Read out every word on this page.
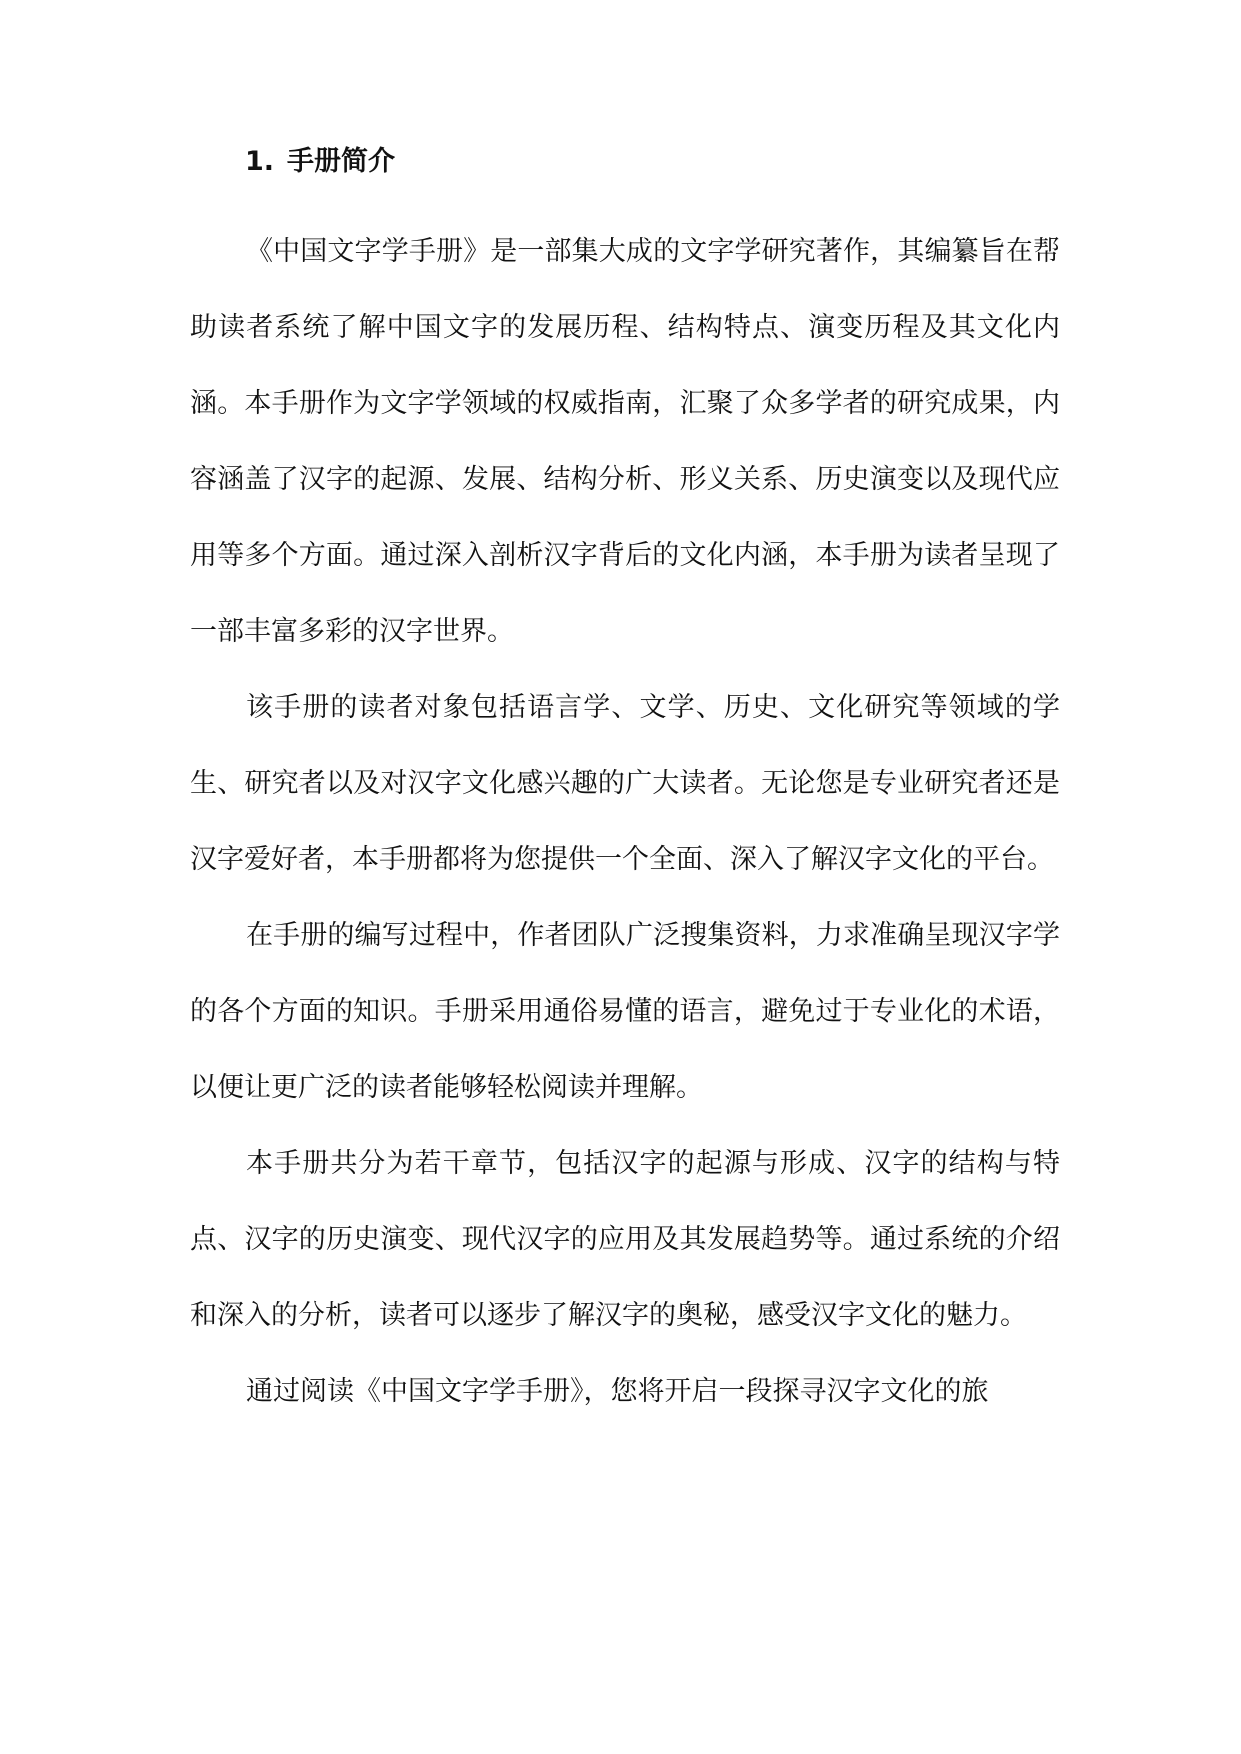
1. 手册简介

《中国文字学手册》是一部集大成的文字学研究著作，其编纂旨在帮助读者系统了解中国文字的发展历程、结构特点、演变历程及其文化内涵。本手册作为文字学领域的权威指南，汇聚了众多学者的研究成果，内容涵盖了汉字的起源、发展、结构分析、形义关系、历史演变以及现代应用等多个方面。通过深入剖析汉字背后的文化内涵，本手册为读者呈现了一部丰富多彩的汉字世界。

该手册的读者对象包括语言学、文学、历史、文化研究等领域的学生、研究者以及对汉字文化感兴趣的广大读者。无论您是专业研究者还是汉字爱好者，本手册都将为您提供一个全面、深入了解汉字文化的平台。

在手册的编写过程中，作者团队广泛搜集资料，力求准确呈现汉字学的各个方面的知识。手册采用通俗易懂的语言，避免过于专业化的术语，以便让更广泛的读者能够轻松阅读并理解。

本手册共分为若干章节，包括汉字的起源与形成、汉字的结构与特点、汉字的历史演变、现代汉字的应用及其发展趋势等。通过系统的介绍和深入的分析，读者可以逐步了解汉字的奥秘，感受汉字文化的魅力。

通过阅读《中国文字学手册》，您将开启一段探寻汉字文化的旅
